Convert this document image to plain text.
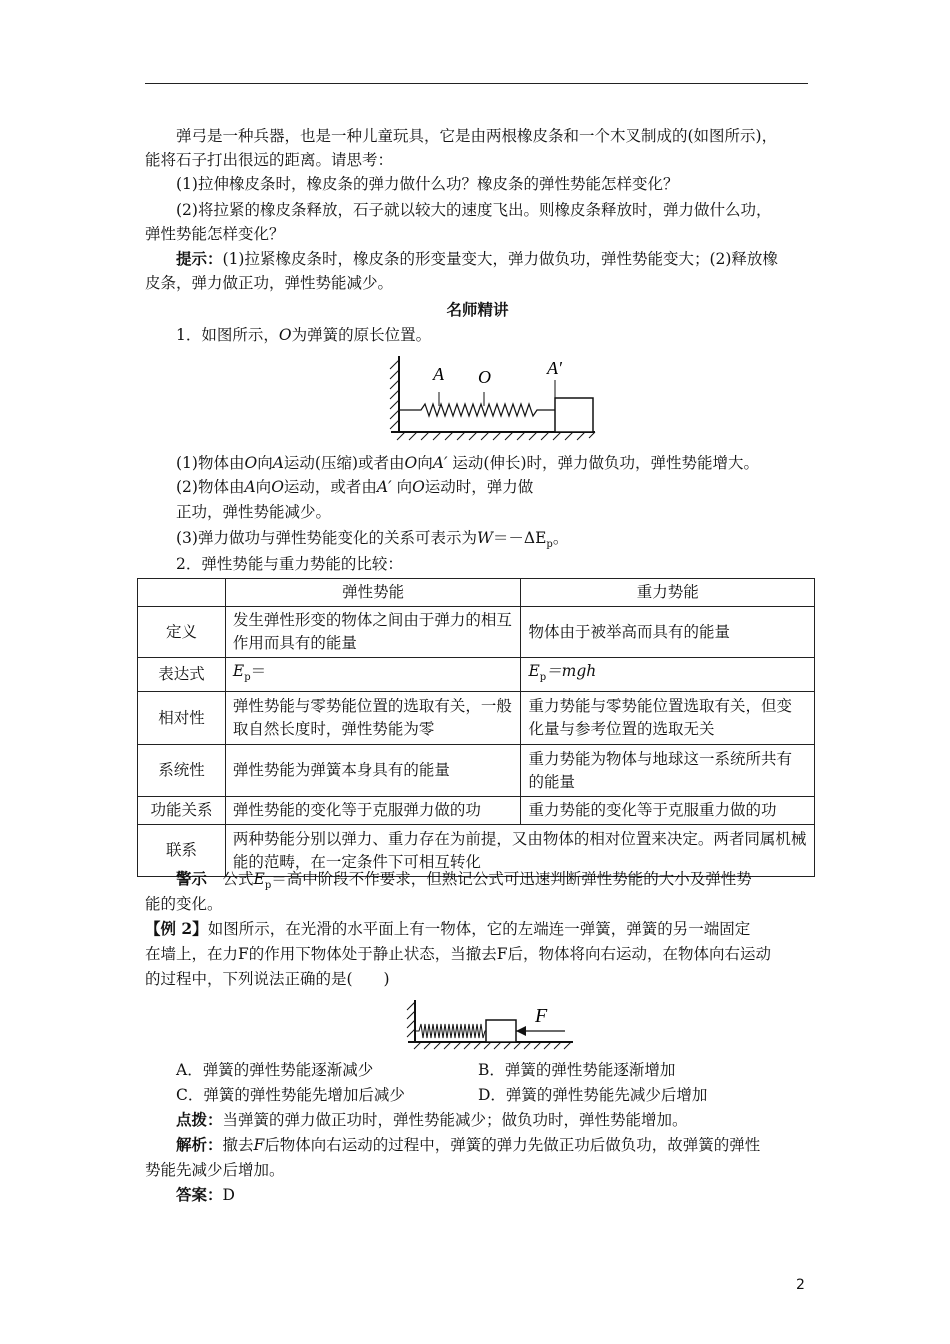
弹弓是一种兵器，也是一种儿童玩具，它是由两根橡皮条和一个木叉制成的(如图所示)，

能将石子打出很远的距离。请思考：

(1)拉伸橡皮条时，橡皮条的弹力做什么功？橡皮条的弹性势能怎样变化？

(2)将拉紧的橡皮条释放，石子就以较大的速度飞出。则橡皮条释放时，弹力做什么功，

弹性势能怎样变化？

提示：(1)拉紧橡皮条时，橡皮条的形变量变大，弹力做负功，弹性势能变大；(2)释放橡

皮条，弹力做正功，弹性势能减少。

名师精讲

1．如图所示，O为弹簧的原长位置。

A O	A′

(1)物体由O向A运动(压缩)或者由O向A′ 运动(伸长)时，弹力做负功，弹性势能增大。

(2)物体由A向O运动，或者由A′ 向O运动时，弹力做

正功，弹性势能减少。

(3)弹力做功与弹性势能变化的关系可表示为$W=-\Delta E_p$。

2．弹性势能与重力势能的比较：

	弹性势能	重力势能
定义	发生弹性形变的物体之间由于弹力的相互作用而具有的能量	物体由于被举高而具有的能量
表达式	$E_p=$	$E_p=mgh$
相对性	弹性势能与零势能位置的选取有关，一般取自然长度时，弹性势能为零	重力势能与零势能位置选取有关，但变化量与参考位置的选取无关
系统性	弹性势能为弹簧本身具有的能量	重力势能为物体与地球这一系统所共有的能量
功能关系	弹性势能的变化等于克服弹力做的功	重力势能的变化等于克服重力做的功
联系	两种势能分别以弹力、重力存在为前提，又由物体的相对位置来决定。两者同属机械能的范畴，在一定条件下可相互转化	

警示　 公式$E_p=$高中阶段不作要求，但熟记公式可迅速判断弹性势能的大小及弹性势

能的变化。

【例 2】如图所示，在光滑的水平面上有一物体，它的左端连一弹簧，弹簧的另一端固定

在墙上，在力F的作用下物体处于静止状态，当撤去F后，物体将向右运动，在物体向右运动

的过程中，下列说法正确的是(　　)

F

A．弹簧的弹性势能逐渐减少	B．弹簧的弹性势能逐渐增加

C．弹簧的弹性势能先增加后减少	D．弹簧的弹性势能先减少后增加

点拨：当弹簧的弹力做正功时，弹性势能减少；做负功时，弹性势能增加。

解析：撤去F后物体向右运动的过程中，弹簧的弹力先做正功后做负功，故弹簧的弹性

势能先减少后增加。

答案：D

2
